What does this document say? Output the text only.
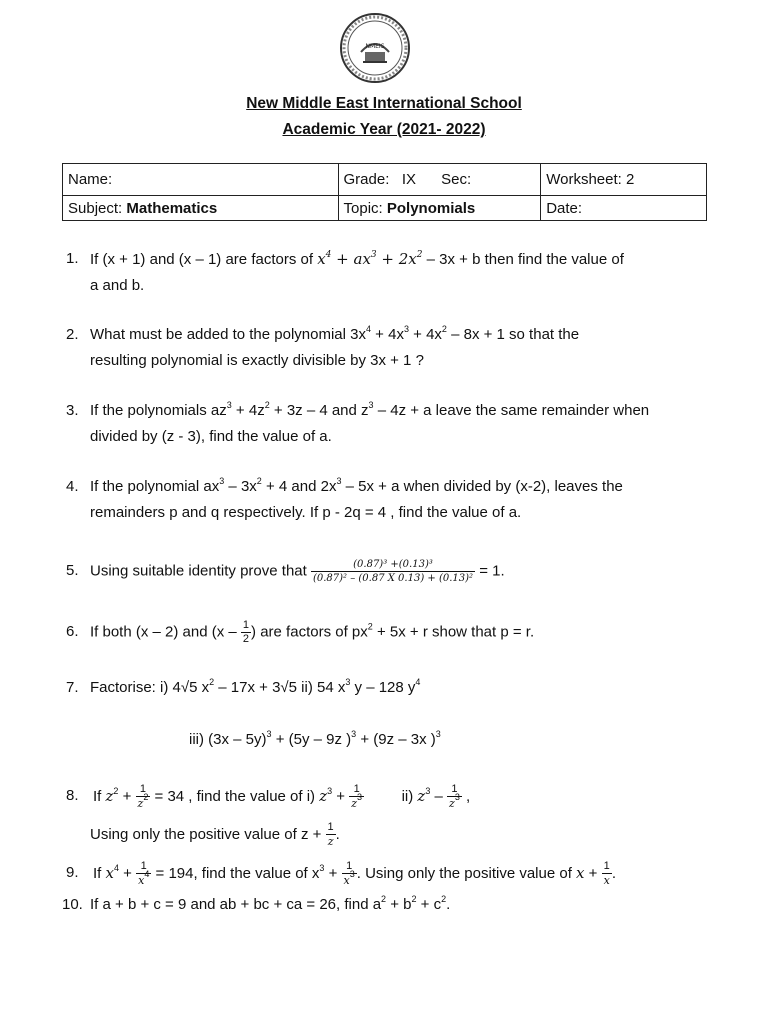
NMEIS
New Middle East International School
Academic Year (2021- 2022)
Name:	Grade: IX Sec:	Worksheet: 2
Subject: Mathematics	Topic: Polynomials	Date:
1. If (x + 1) and (x – 1) are factors of $x^4 + ax^3 + 2x^2 - 3x + b$ then find the value of
a and b.
2. What must be added to the polynomial $3x^4 + 4x^3 + 4x^2 - 8x + 1$ so that the
resulting polynomial is exactly divisible by 3x + 1 ?
3. If the polynomials $az^3 + 4z^2 + 3z - 4$ and $z^3 - 4z + a$ leave the same remainder when
divided by (z - 3), find the value of a.
4. If the polynomial $ax^3 - 3x^2 + 4$ and $2x^3 - 5x + a$ when divided by (x-2), leaves the
remainders p and q respectively. If p - 2q = 4 , find the value of a.
5. Using suitable identity prove that $\frac{\text{(0.87)³ +(0.13)³}}{\text{(0.87)² – (0.87 X 0.13) + (0.13)²}} = 1$.
6. If both (x – 2) and ($x - \frac{1}{2}$ ) are factors of $px^2 + 5x + r$ show that p = r.
7. Factorise: i) 4√5 $x^2 - 17x + 3√5$ ii) 54 $x^3$ y – 128 $y^4$
iii) (3x – 5y)$^3$ + (5y – 9z )$^3$ + (9z – 3x )$^3$
8. If $z^2 + \frac{1}{z^2} = 34$ , find the value of i) $z^3 + \frac{1}{z^3}$	ii) $z^3 - \frac{1}{z^3}$ ,
Using only the positive value of $z + \frac{1}{z}$ .
9. If $x^4 + \frac{1}{x^4} = 194$, find the value of $x^3 + \frac{1}{x^3}$ . Using only the positive value of $x + \frac{1}{x}$ .
10. If a + b + c = 9 and ab + bc + ca = 26, find $a^2 + b^2 + c^2$.
